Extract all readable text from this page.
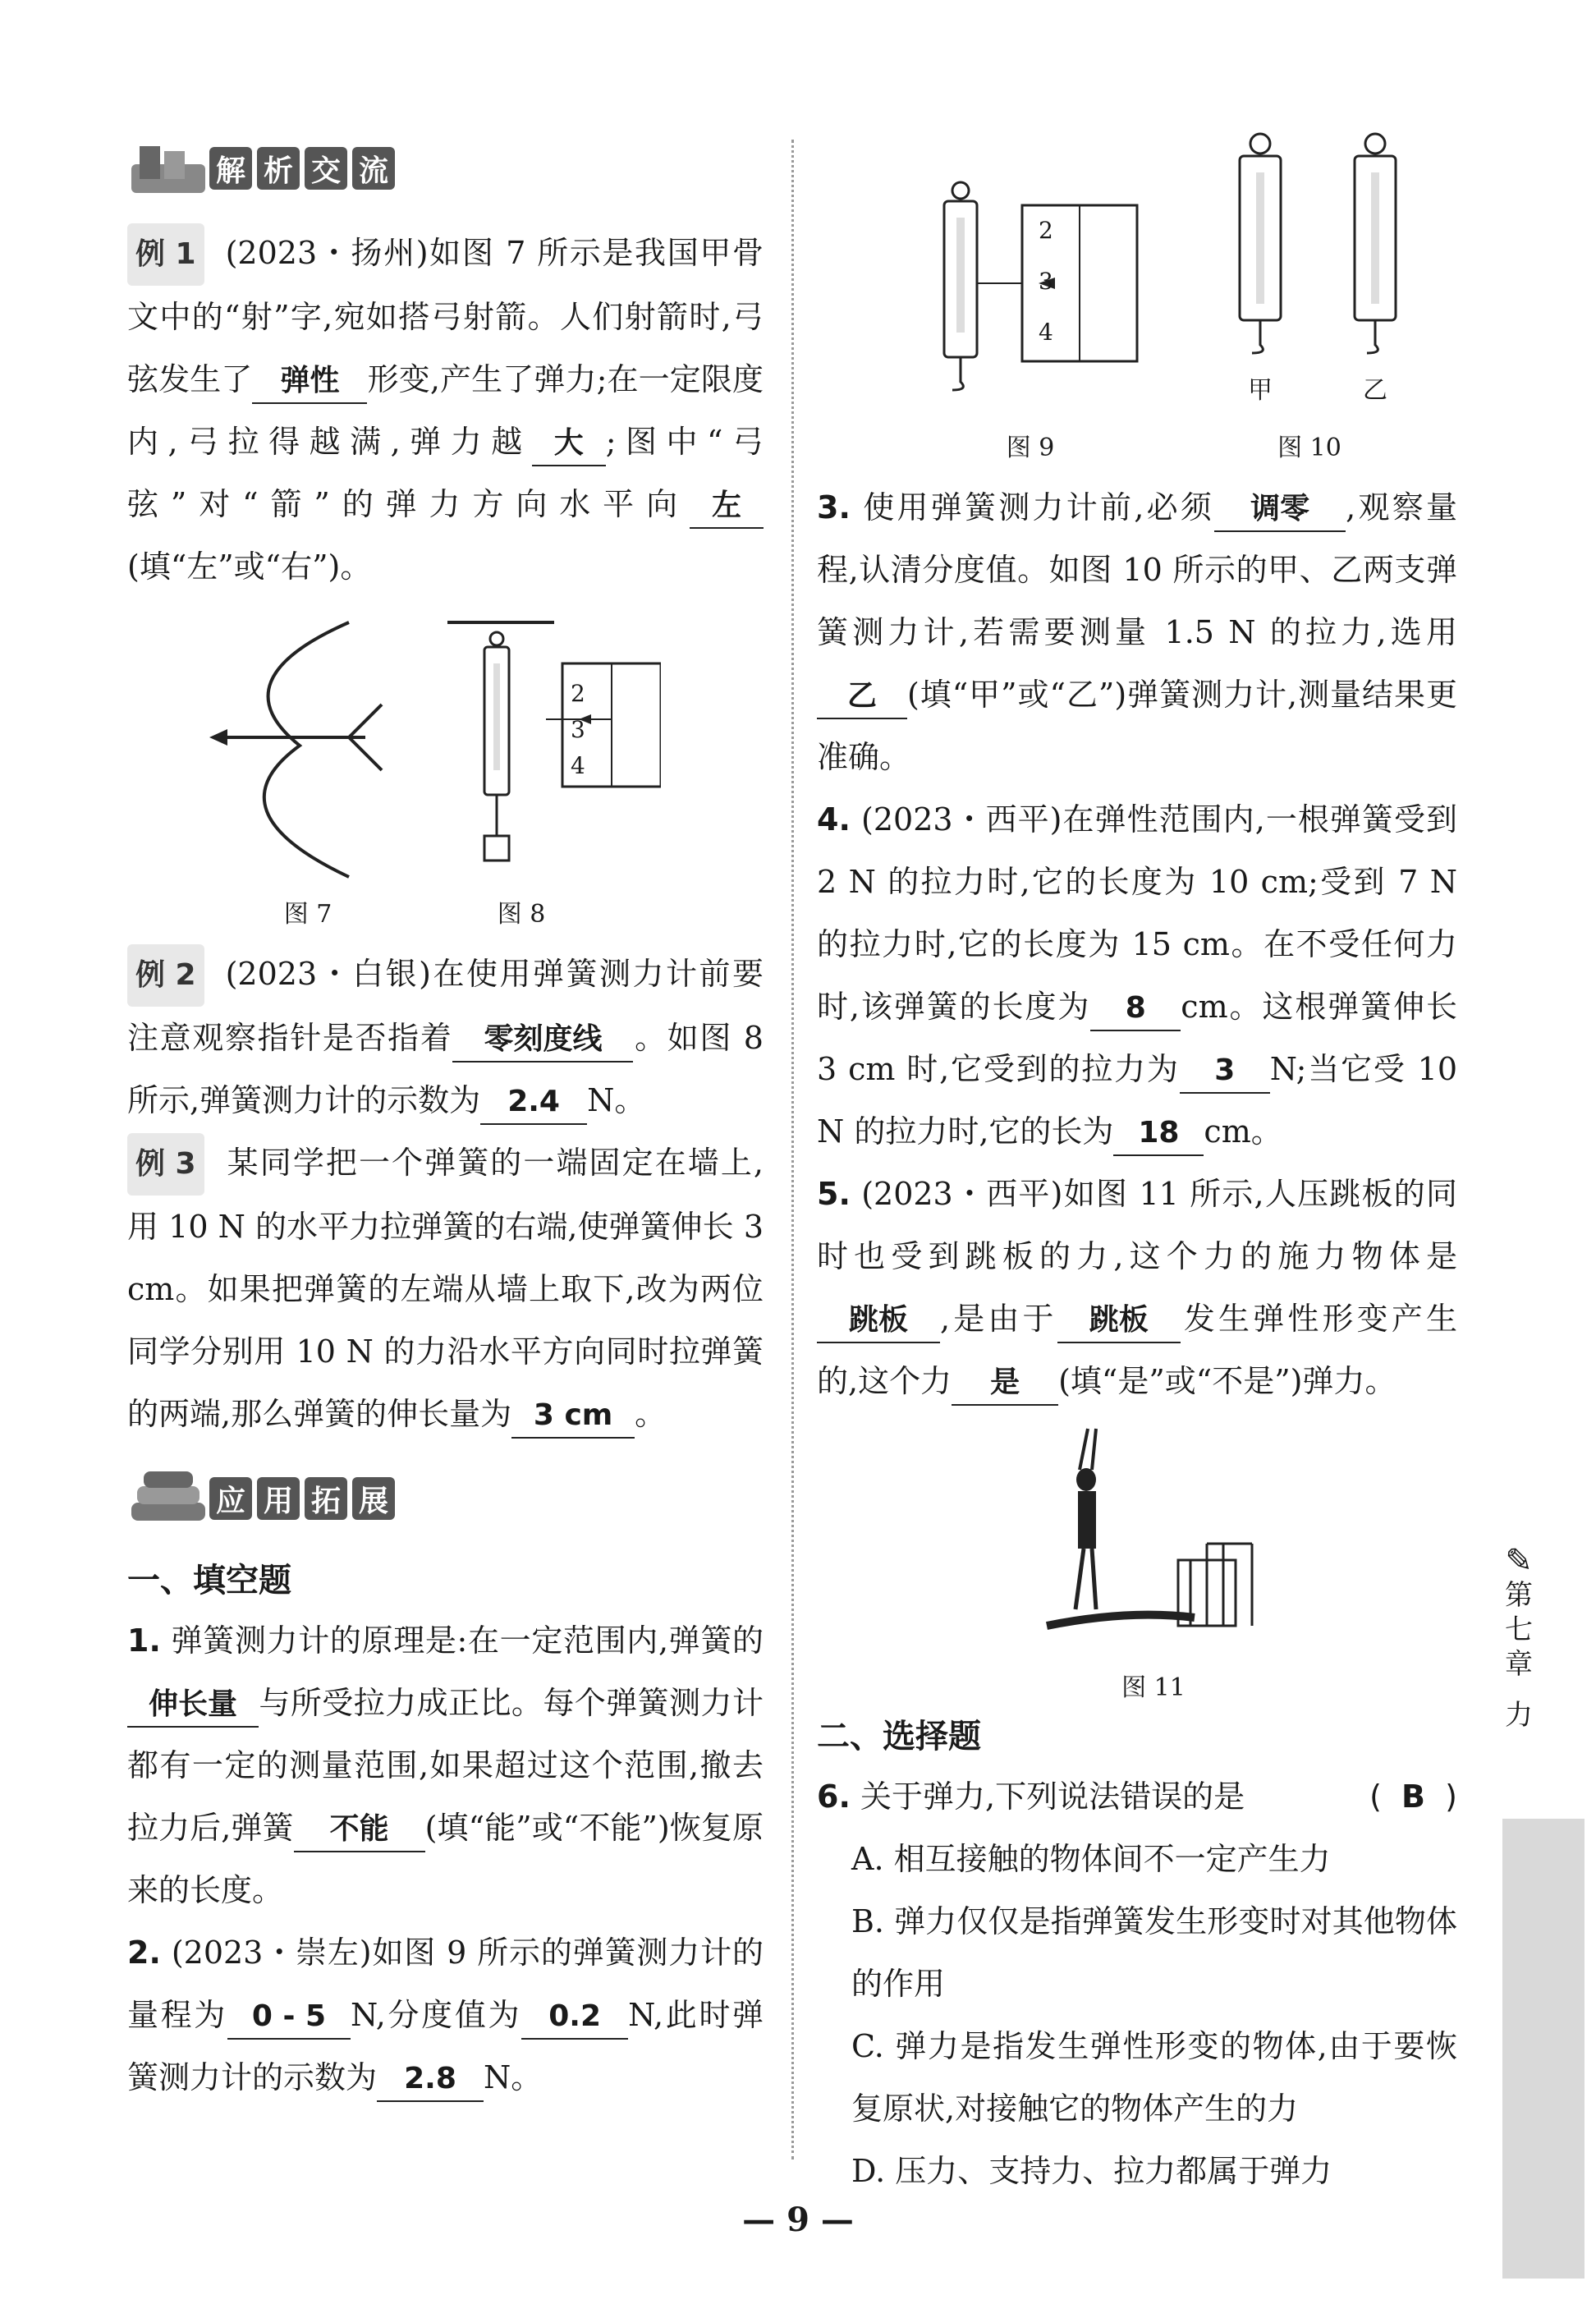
解 析 交 流

例 1 (2023・扬州)如图 7 所示是我国甲骨文中的“射”字,宛如搭弓射箭。人们射箭时,弓弦发生了 弹性 形变,产生了弹力;在一定限度内,弓拉得越满,弹力越 大 ;图中“弓弦”对“箭”的弹力方向水平向 左(填“左”或“右”)。

图 7
2
3
4
图 8

例 2 (2023・白银)在使用弹簧测力计前要注意观察指针是否指着 零刻度线 。如图 8 所示,弹簧测力计的示数为 2.4 N。

例 3 某同学把一个弹簧的一端固定在墙上,用 10 N 的水平力拉弹簧的右端,使弹簧伸长 3 cm。如果把弹簧的左端从墙上取下,改为两位同学分别用 10 N 的力沿水平方向同时拉弹簧的两端,那么弹簧的伸长量为 3 cm 。

应 用 拓 展

一、填空题

1. 弹簧测力计的原理是:在一定范围内,弹簧的伸长量 与所受拉力成正比。每个弹簧测力计都有一定的测量范围,如果超过这个范围,撤去拉力后,弹簧 不能 (填“能”或“不能”)恢复原来的长度。

2. (2023・崇左)如图 9 所示的弹簧测力计的量程为 0 - 5 N,分度值为 0.2 N,此时弹簧测力计的示数为 2.8 N。

2
3
4
图 9
甲	乙
图 10

3. 使用弹簧测力计前,必须 调零 ,观察量程,认清分度值。如图 10 所示的甲、乙两支弹簧测力计,若需要测量 1.5 N 的拉力,选用乙 (填“甲”或“乙”)弹簧测力计,测量结果更准确。

4. (2023・西平)在弹性范围内,一根弹簧受到 2 N 的拉力时,它的长度为 10 cm;受到 7 N 的拉力时,它的长度为 15 cm。在不受任何力时,该弹簧的长度为 8 cm。这根弹簧伸长 3 cm 时,它受到的拉力为 3 N;当它受 10 N 的拉力时,它的长为 18 cm。

5. (2023・西平)如图 11 所示,人压跳板的同时也受到跳板的力,这个力的施力物体是跳板 ,是由于 跳板 发生弹性形变产生的,这个力 是 (填“是”或“不是”)弹力。

图 11

二、选择题

6. 关于弹力,下列说法错误的是	(  B  )

A. 相互接触的物体间不一定产生力

B. 弹力仅仅是指弹簧发生形变时对其他物体的作用

C. 弹力是指发生弹性形变的物体,由于要恢复原状,对接触它的物体产生的力

D. 压力、支持力、拉力都属于弹力

✎
第
七
章
力
— 9 —
